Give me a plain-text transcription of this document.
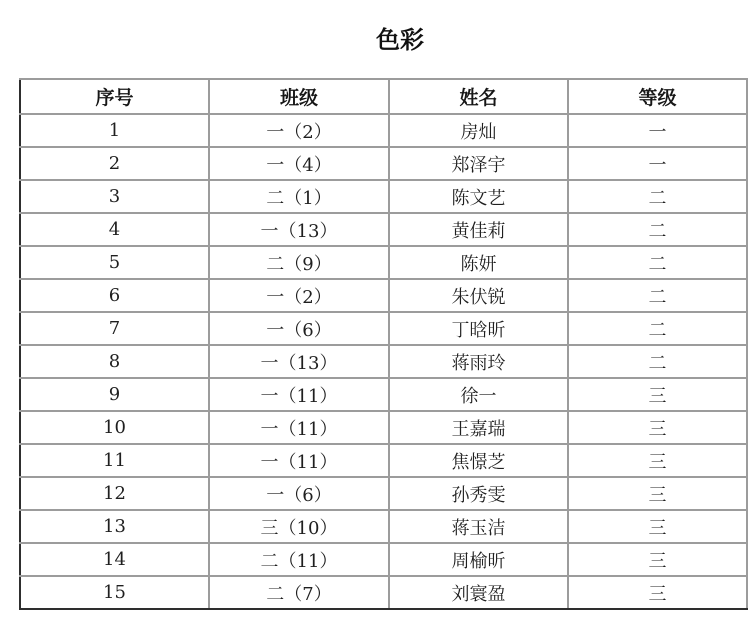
色彩
序号	班级	姓名	等级
1	一（2）	房灿	一
2	一（4）	郑泽宇	一
3	二（1）	陈文艺	二
4	一（13）	黄佳莉	二
5	二（9）	陈妍	二
6	一（2）	朱伏锐	二
7	一（6）	丁晗昕	二
8	一（13）	蒋雨玲	二
9	一（11）	徐一	三
10	一（11）	王嘉瑞	三
11	一（11）	焦憬芝	三
12	一（6）	孙秀雯	三
13	三（10）	蒋玉洁	三
14	二（11）	周榆昕	三
15	二（7）	刘寰盈	三
